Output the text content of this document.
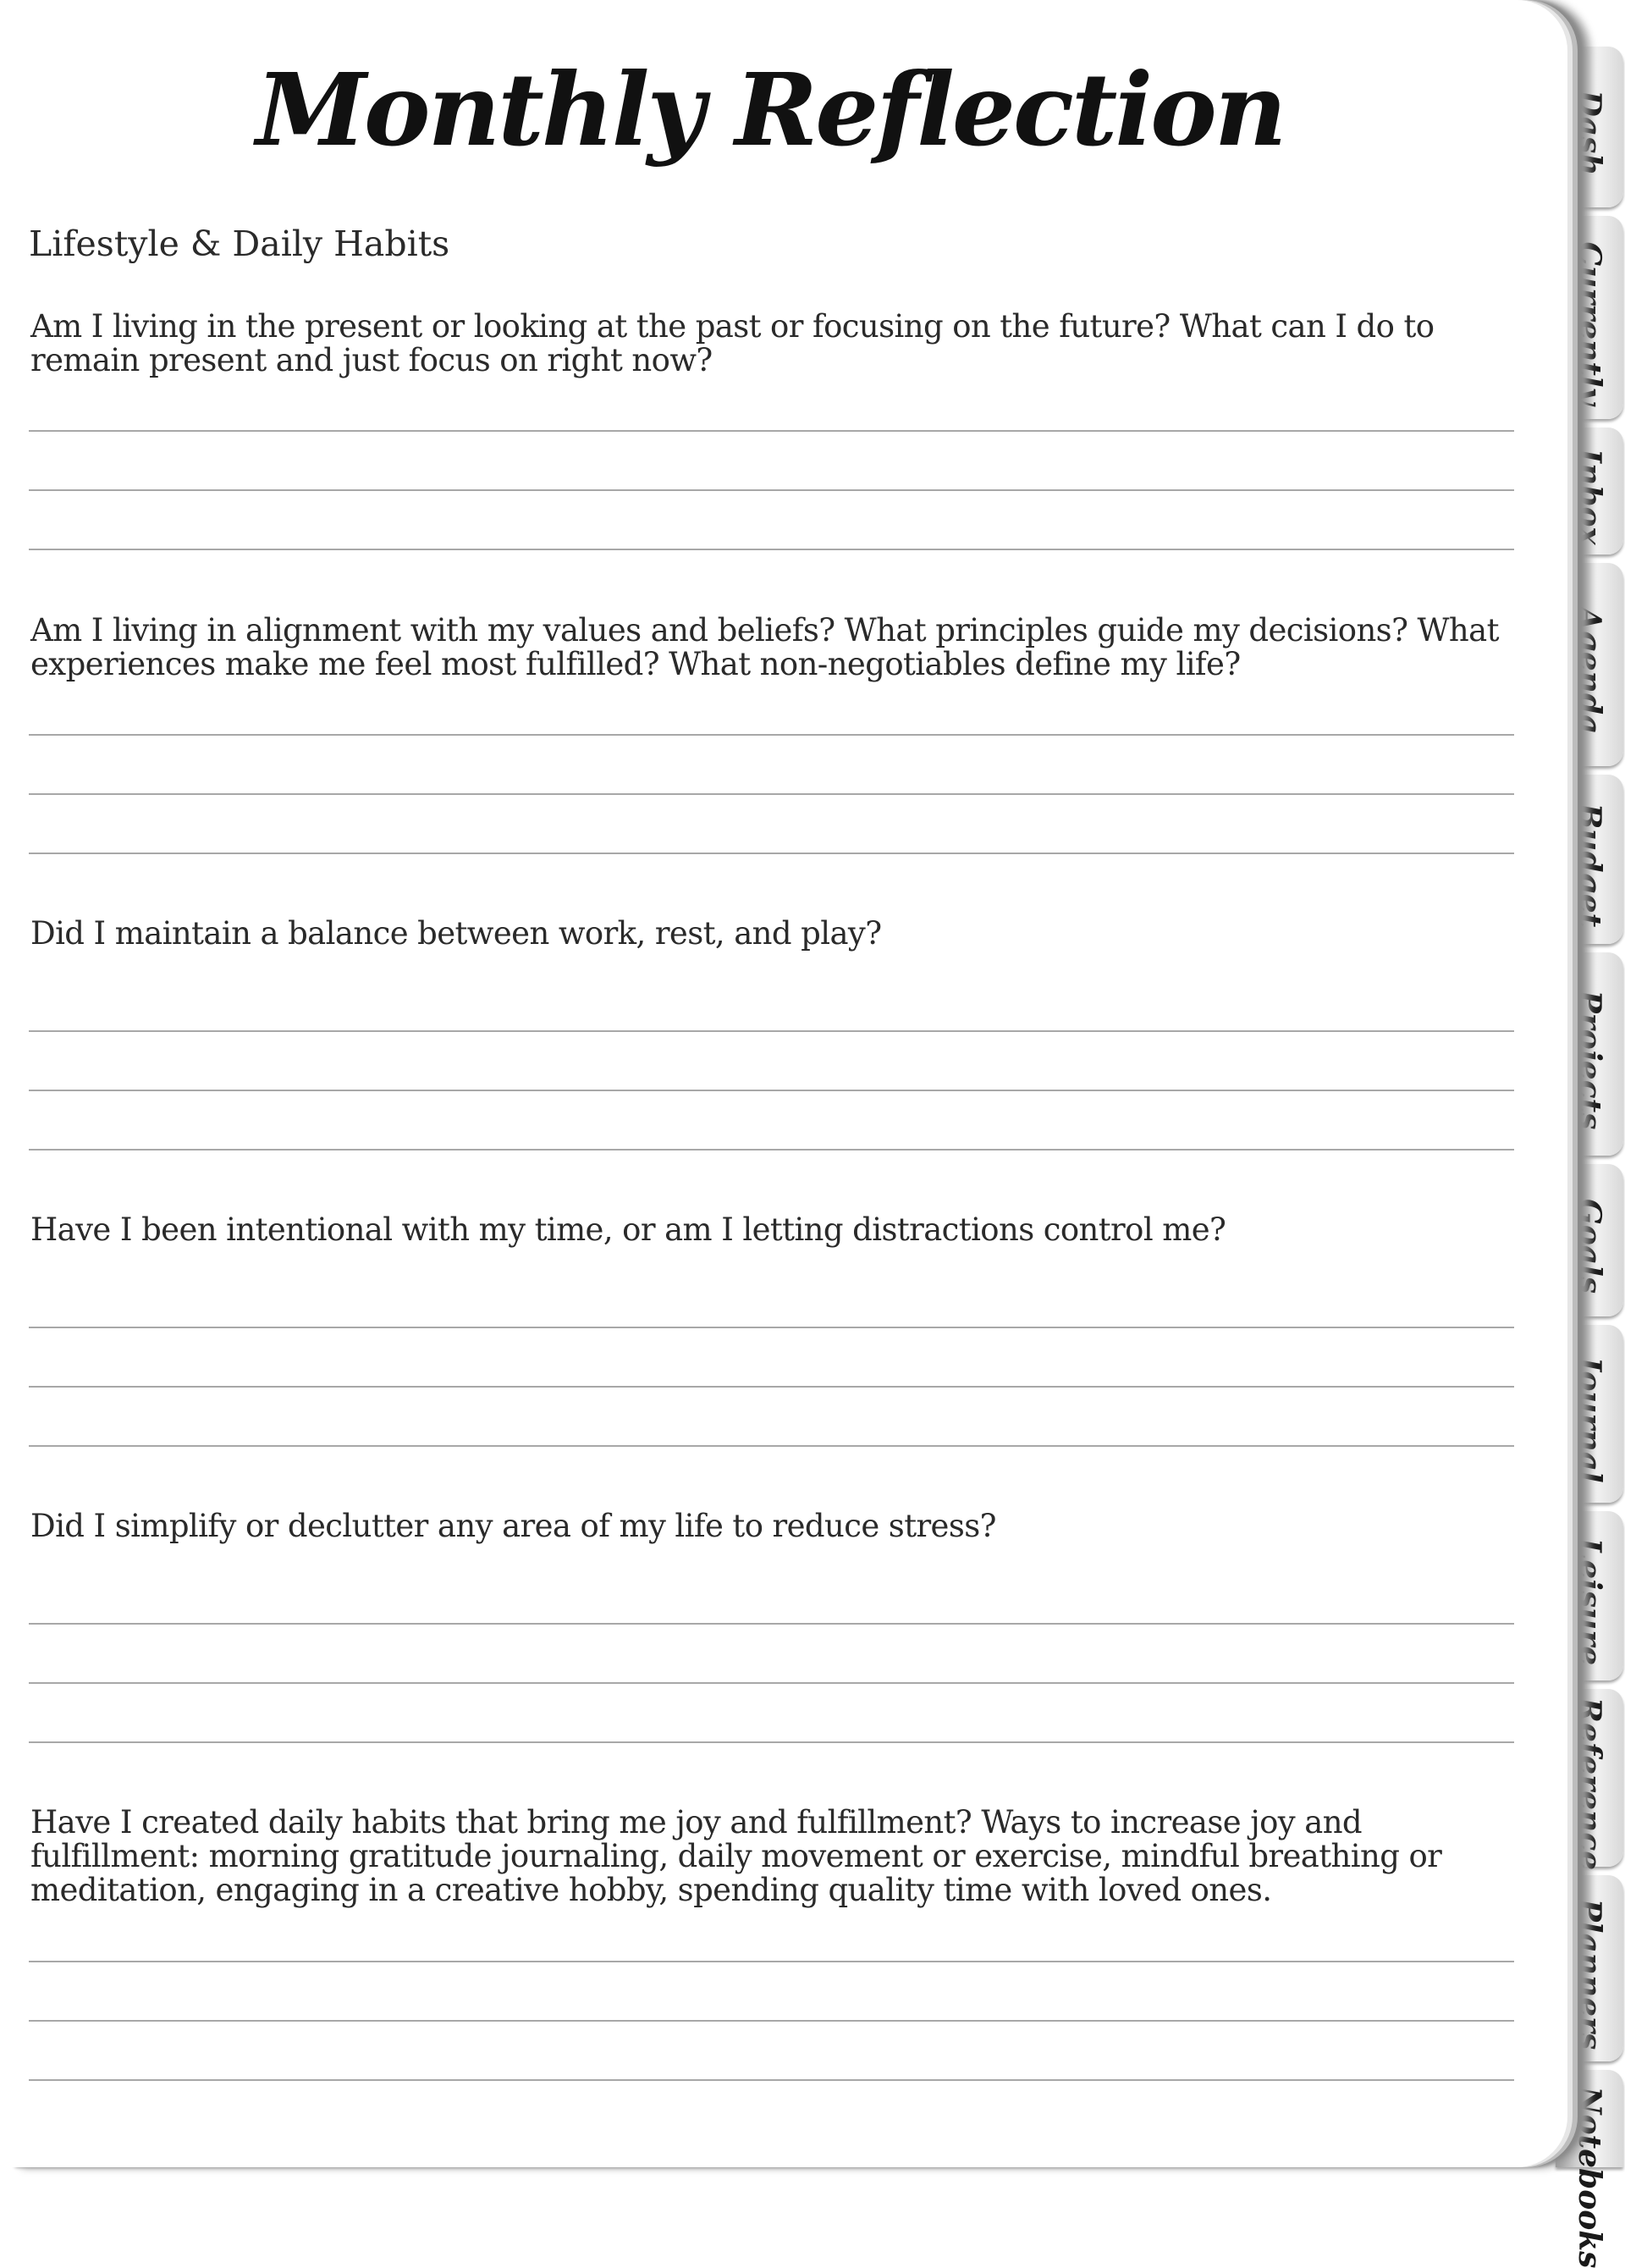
Monthly Reflection
Lifestyle & Daily Habits
Am I living in the present or looking at the past or focusing on the future? What can I do to remain present and just focus on right now?
Am I living in alignment with my values and beliefs? What principles guide my decisions? What experiences make me feel most fulfilled? What non-negotiables define my life?
Did I maintain a balance between work, rest, and play?
Have I been intentional with my time, or am I letting distractions control me?
Did I simplify or declutter any area of my life to reduce stress?
Have I created daily habits that bring me joy and fulfillment? Ways to increase joy and fulfillment: morning gratitude journaling, daily movement or exercise, mindful breathing or meditation, engaging in a creative hobby, spending quality time with loved ones.
Dash
Currently
Inbox
Agenda
Budget
Projects
Goals
Journal
Leisure
Reference
Planners
Notebooks
